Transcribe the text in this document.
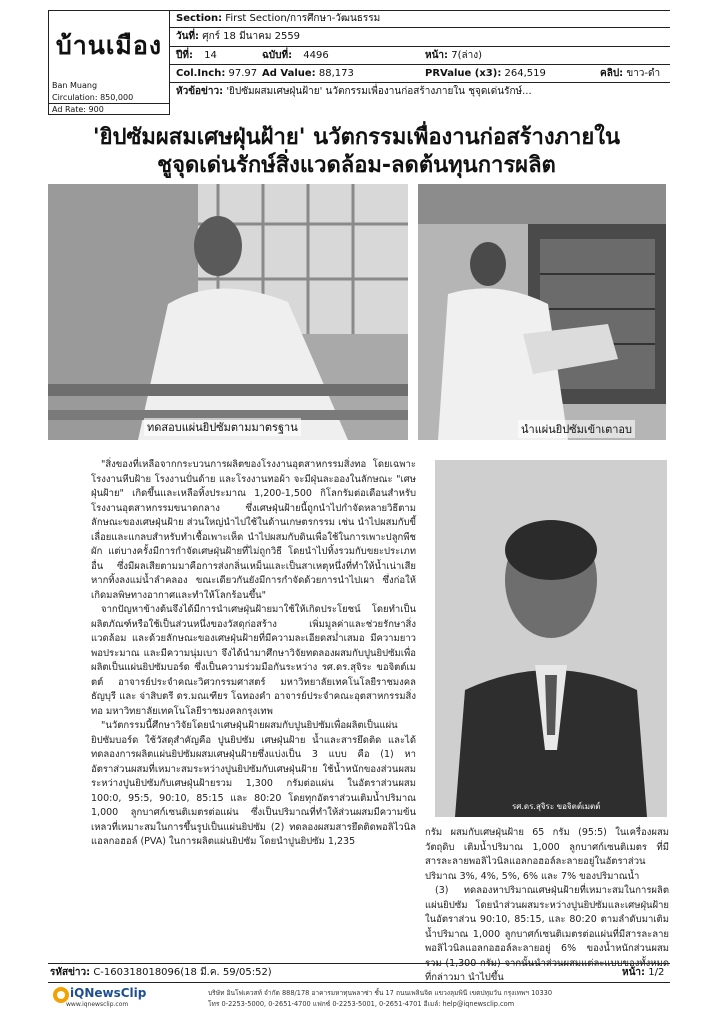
บ้านเมือง
Ban Muang
Circulation: 850,000
Ad Rate: 900
Section: First Section/การศึกษา-วัฒนธรรม
วันที่: ศุกร์ 18 มีนาคม 2559
ปีที่: 14	ฉบับที่: 4496	หน้า: 7(ล่าง)
Col.Inch: 97.97 Ad Value: 88,173	PRValue (x3): 264,519	คลิป: ขาว-ดำ
หัวข้อข่าว: 'ยิปซัมผสมเศษฝุ่นฝ้าย' นวัตกรรมเพื่องานก่อสร้างภายใน ชุจุดเด่นรักษ์...
'ยิปซัมผสมเศษฝุ่นฝ้าย' นวัตกรรมเพื่องานก่อสร้างภายใน
ชูจุดเด่นรักษ์สิ่งแวดล้อม-ลดต้นทุนการผลิต
ทดสอบแผ่นยิปซัมตามมาตรฐาน	นำแผ่นยิปซัมเข้าเตาอบ
รศ.ดร.สุจิระ ขอจิตต์เมตต์

"สิ่งของที่เหลือจากกระบวนการผลิตของโรงงานอุตสาหกรรมสิ่งทอ โดยเฉพาะโรงงานหีบฝ้าย โรงงานปั่นด้าย และโรงงานทอผ้า จะมีฝุ่นละอองในลักษณะ "เศษฝุ่นฝ้าย" เกิดขึ้นและเหลือทิ้งประมาณ 1,200-1,500 กิโลกรัมต่อเดือนสำหรับโรงงานอุตสาหกรรมขนาดกลาง ซึ่งเศษฝุ่นฝ้ายนี้ถูกนำไปกำจัดหลายวิธีตามลักษณะของเศษฝุ่นฝ้าย ส่วนใหญ่นำไปใช้ในด้านเกษตรกรรม เช่น นำไปผสมกับขี้เลื่อยและแกลบสำหรับทำเชื้อเพาะเห็ด นำไปผสมกับดินเพื่อใช้ในการเพาะปลูกพืชผัก แต่บางครั้งมีการกำจัดเศษฝุ่นฝ้ายที่ไม่ถูกวิธี โดยนำไปทิ้งรวมกับขยะประเภทอื่น ซึ่งมีผลเสียตามมาคือการส่งกลิ่นเหม็นและเป็นสาเหตุหนึ่งที่ทำให้น้ำเน่าเสียหากทิ้งลงแม่น้ำลำคลอง ขณะเดียวกันยังมีการกำจัดด้วยการนำไปเผา ซึ่งก่อให้เกิดมลพิษทางอากาศและทำให้โลกร้อนขึ้น"

จากปัญหาข้างต้นจึงได้มีการนำเศษฝุ่นฝ้ายมาใช้ให้เกิดประโยชน์ โดยทำเป็นผลิตภัณฑ์หรือใช้เป็นส่วนหนึ่งของวัสดุก่อสร้าง เพิ่มมูลค่าและช่วยรักษาสิ่งแวดล้อม และด้วยลักษณะของเศษฝุ่นฝ้ายที่มีความละเอียดสม่ำเสมอ มีความยาวพอประมาณ และมีความนุ่มเบา จึงได้นำมาศึกษาวิจัยทดลองผสมกับปูนยิปซัมเพื่อผลิตเป็นแผ่นยิปซัมบอร์ด ซึ่งเป็นความร่วมมือกันระหว่าง รศ.ดร.สุจิระ ขอจิตต์เมตต์ อาจารย์ประจำคณะวิศวกรรมศาสตร์ มหาวิทยาลัยเทคโนโลยีราชมงคลธัญบุรี และ จ่าสิบตรี ดร.มณเฑียร โฉทองคำ อาจารย์ประจำคณะอุตสาหกรรมสิ่งทอ มหาวิทยาลัยเทคโนโลยีราชมงคลกรุงเทพ

"นวัตกรรมนี้ศึกษาวิจัยโดยนำเศษฝุ่นฝ้ายผสมกับปูนยิปซัมเพื่อผลิตเป็นแผ่นยิปซัมบอร์ด ใช้วัสดุสำคัญคือ ปูนยิปซัม เศษฝุ่นฝ้าย น้ำและสารยึดติด และได้ทดลองการผลิตแผ่นยิปซัมผสมเศษฝุ่นฝ้ายซึ่งแบ่งเป็น 3 แบบ คือ (1) หาอัตราส่วนผสมที่เหมาะสมระหว่างปูนยิปซัมกับเศษฝุ่นฝ้าย ใช้น้ำหนักของส่วนผสมระหว่างปูนยิปซัมกับเศษฝุ่นฝ้ายรวม 1,300 กรัมต่อแผ่น ในอัตราส่วนผสม 100:0, 95:5, 90:10, 85:15 และ 80:20 โดยทุกอัตราส่วนเติมน้ำปริมาณ 1,000 ลูกบาศก์เซนติเมตรต่อแผ่น ซึ่งเป็นปริมาณที่ทำให้ส่วนผสมมีความข้นเหลวที่เหมาะสมในการขึ้นรูปเป็นแผ่นยิปซัม (2) ทดลองผสมสารยึดติดพอลิไวนิลแอลกอฮอล์ (PVA) ในการผลิตแผ่นยิปซัม โดยนำปูนยิปซัม 1,235

กรัม ผสมกับเศษฝุ่นฝ้าย 65 กรัม (95:5) ในเครื่องผสมวัตถุดิบ เติมน้ำปริมาณ 1,000 ลูกบาศก์เซนติเมตร ที่มีสารละลายพอลิไวนิลแอลกอฮอล์ละลายอยู่ในอัตราส่วนปริมาณ 3%, 4%, 5%, 6% และ 7% ของปริมาณน้ำ

(3) ทดลองหาปริมาณเศษฝุ่นฝ้ายที่เหมาะสมในการผลิตแผ่นยิปซัม โดยนำส่วนผสมระหว่างปูนยิปซัมและเศษฝุ่นฝ้ายในอัตราส่วน 90:10, 85:15, และ 80:20 ตามลำดับมาเติมน้ำปริมาณ 1,000 ลูกบาศก์เซนติเมตรต่อแผ่นที่มีสารละลายพอลิไวนิลแอลกอฮอล์ละลายอยู่ 6% ของน้ำหนักส่วนผสมรวม (1,300 กรัม) จากนั้นนำส่วนผสมแต่ละแบบของทั้งหมดที่กล่าวมา นำไปขึ้น

รหัสข่าว: C-160318018096(18 มี.ค. 59/05:52)	หน้า: 1/2
iQNewsClip
www.iqnewsclip.com
บริษัท อินโฟเควสท์ จำกัด 888/178 อาคารมหาทุนพลาซ่า ชั้น 17 ถนนเพลินจิต แขวงลุมพินี เขตปทุมวัน กรุงเทพฯ 10330
โทร 0-2253-5000, 0-2651-4700 แฟกซ์ 0-2253-5001, 0-2651-4701 อีเมล์: help@iqnewsclip.com
